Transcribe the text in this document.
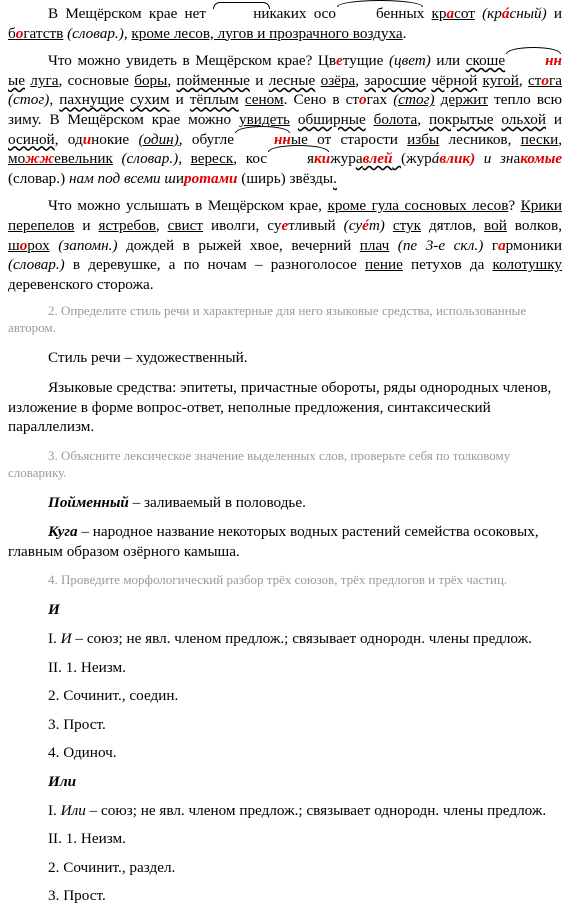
В Мещёрском крае нет	никаких осо	бенных красот (крáсный) и богатств (словар.), кроме лесов, лугов и прозрачного воздуха.

Что можно увидеть в Мещёрском крае? Цветущие (цвет) или скоше	нные луга, сосновые боры, пойменные и лесные озёра, заросшие чёрной кугой, стога (стог), пахнущие сухим и тёплым сеном. Сено в стогах (стог) держит тепло всю зиму. В Мещёрском крае можно увидеть обширные болота, покрытые ольхой и осиной, одинокие (один), обугле	нные от старости избы лесников, пески, можжевельник (словар.), вереск, кос	якижуравлей (журáвлик) и знакомые (словар.) нам под всеми широтами (ширь) звёзды.

Что можно услышать в Мещёрском крае, кроме гула сосновых лесов? Крики перепелов и ястребов, свист иволги, суетливый (суéт) стук дятлов, вой волков, шорох (запомн.) дождей в рыжей хвое, вечерний плач (пе 3-е скл.) гармоники (словар.) в деревушке, а по ночам – разноголосое пение петухов да колотушку деревенского сторожа.

2. Определите стиль речи и характерные для него языковые средства, использованные автором.

Стиль речи – художественный.

Языковые средства: эпитеты, причастные обороты, ряды однородных членов, изложение в форме вопрос-ответ, неполные предложения, синтаксический параллелизм.

3. Объясните лексическое значение выделенных слов, проверьте себя по толковому словарику.

Пойменный – заливаемый в половодье.

Куга – народное название некоторых водных растений семейства осоковых, главным образом озёрного камыша.

4. Проведите морфологический разбор трёх союзов, трёх предлогов и трёх частиц.

И

I. И – союз; не явл. членом предлож.; связывает однородн. члены предлож.

II. 1. Неизм.

2. Сочинит., соедин.

3. Прост.

4. Одиноч.

Или

I. Или – союз; не явл. членом предлож.; связывает однородн. члены предлож.

II. 1. Неизм.

2. Сочинит., раздел.

3. Прост.
